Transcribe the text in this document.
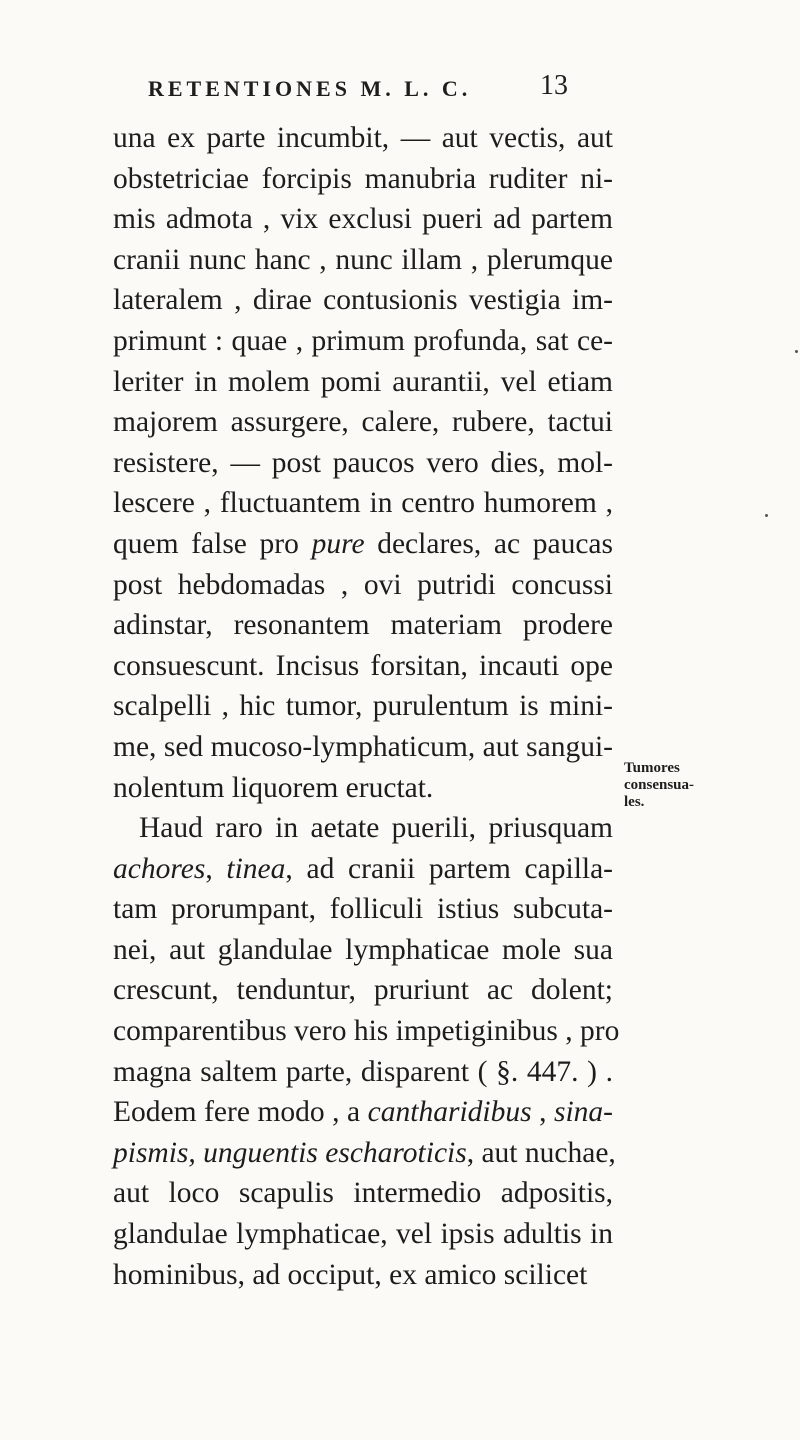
RETENTIONES M. L. C. 13
una ex parte incumbit, — aut vectis, aut
obstetriciae forcipis manubria ruditer ni-
mis admota , vix exclusi pueri ad partem
cranii nunc hanc , nunc illam , plerumque
lateralem , dirae contusionis vestigia im-
primunt : quae , primum profunda, sat ce-
leriter in molem pomi aurantii, vel etiam
majorem assurgere, calere, rubere, tactui
resistere, — post paucos vero dies, mol-
lescere , fluctuantem in centro humorem ,
quem false pro pure declares, ac paucas
post hebdomadas , ovi putridi concussi
adinstar, resonantem materiam prodere
consuescunt. Incisus forsitan, incauti ope
scalpelli , hic tumor, purulentum is mini-
me, sed mucoso-lymphaticum, aut sangui-
nolentum liquorem eructat.
Haud raro in aetate puerili, priusquam
achores, tinea, ad cranii partem capilla-
tam prorumpant, folliculi istius subcuta-
nei, aut glandulae lymphaticae mole sua
crescunt, tenduntur, pruriunt ac dolent;
comparentibus vero his impetiginibus , pro
magna saltem parte, disparent ( §. 447. ) .
Eodem fere modo , a cantharidibus , sina-
pismis, unguentis escharoticis, aut nuchae,
aut loco scapulis intermedio adpositis,
glandulae lymphaticae, vel ipsis adultis in
hominibus, ad occiput, ex amico scilicet
Tumores
consensua-
les.
